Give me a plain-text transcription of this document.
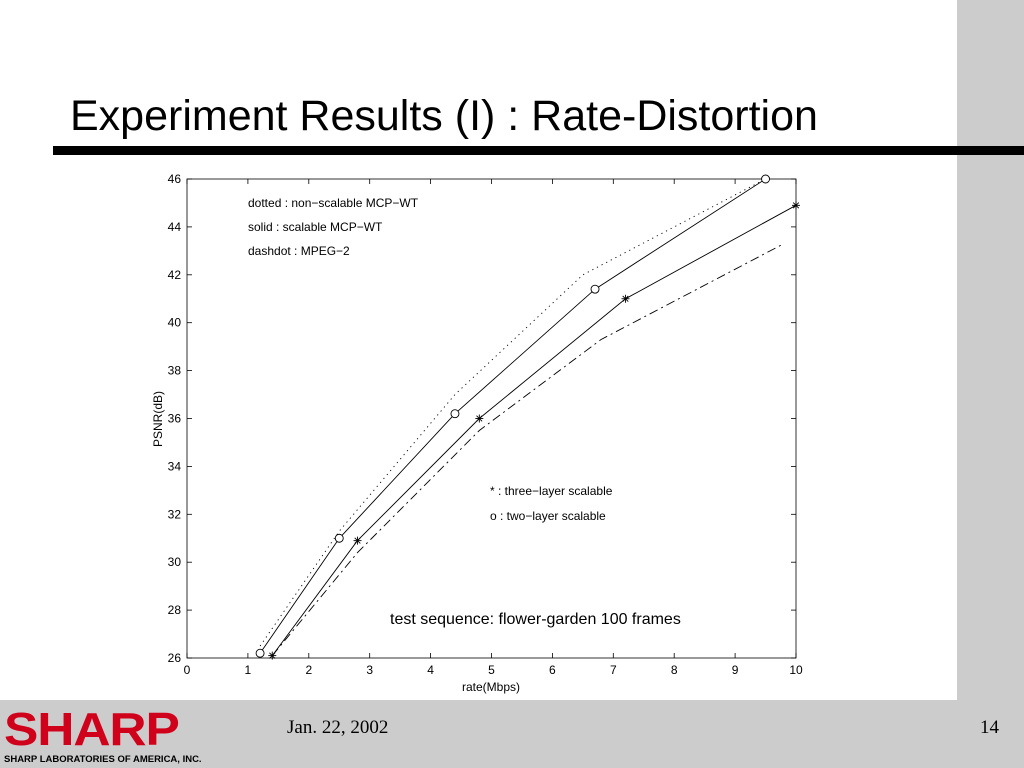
Experiment Results (I) : Rate-Distortion
0	1	2	3	4	5	6	7	8	9	10
26
28
30
32
34
36
38
40
42
44
46
dotted : non−scalable MCP−WT
solid : scalable MCP−WT
dashdot : MPEG−2
* : three−layer scalable
o : two−layer scalable
test sequence: flower-garden 100 frames
rate(Mbps)
PSNR(dB)
SHARP
SHARP LABORATORIES OF AMERICA, INC.
Jan. 22, 2002	14
